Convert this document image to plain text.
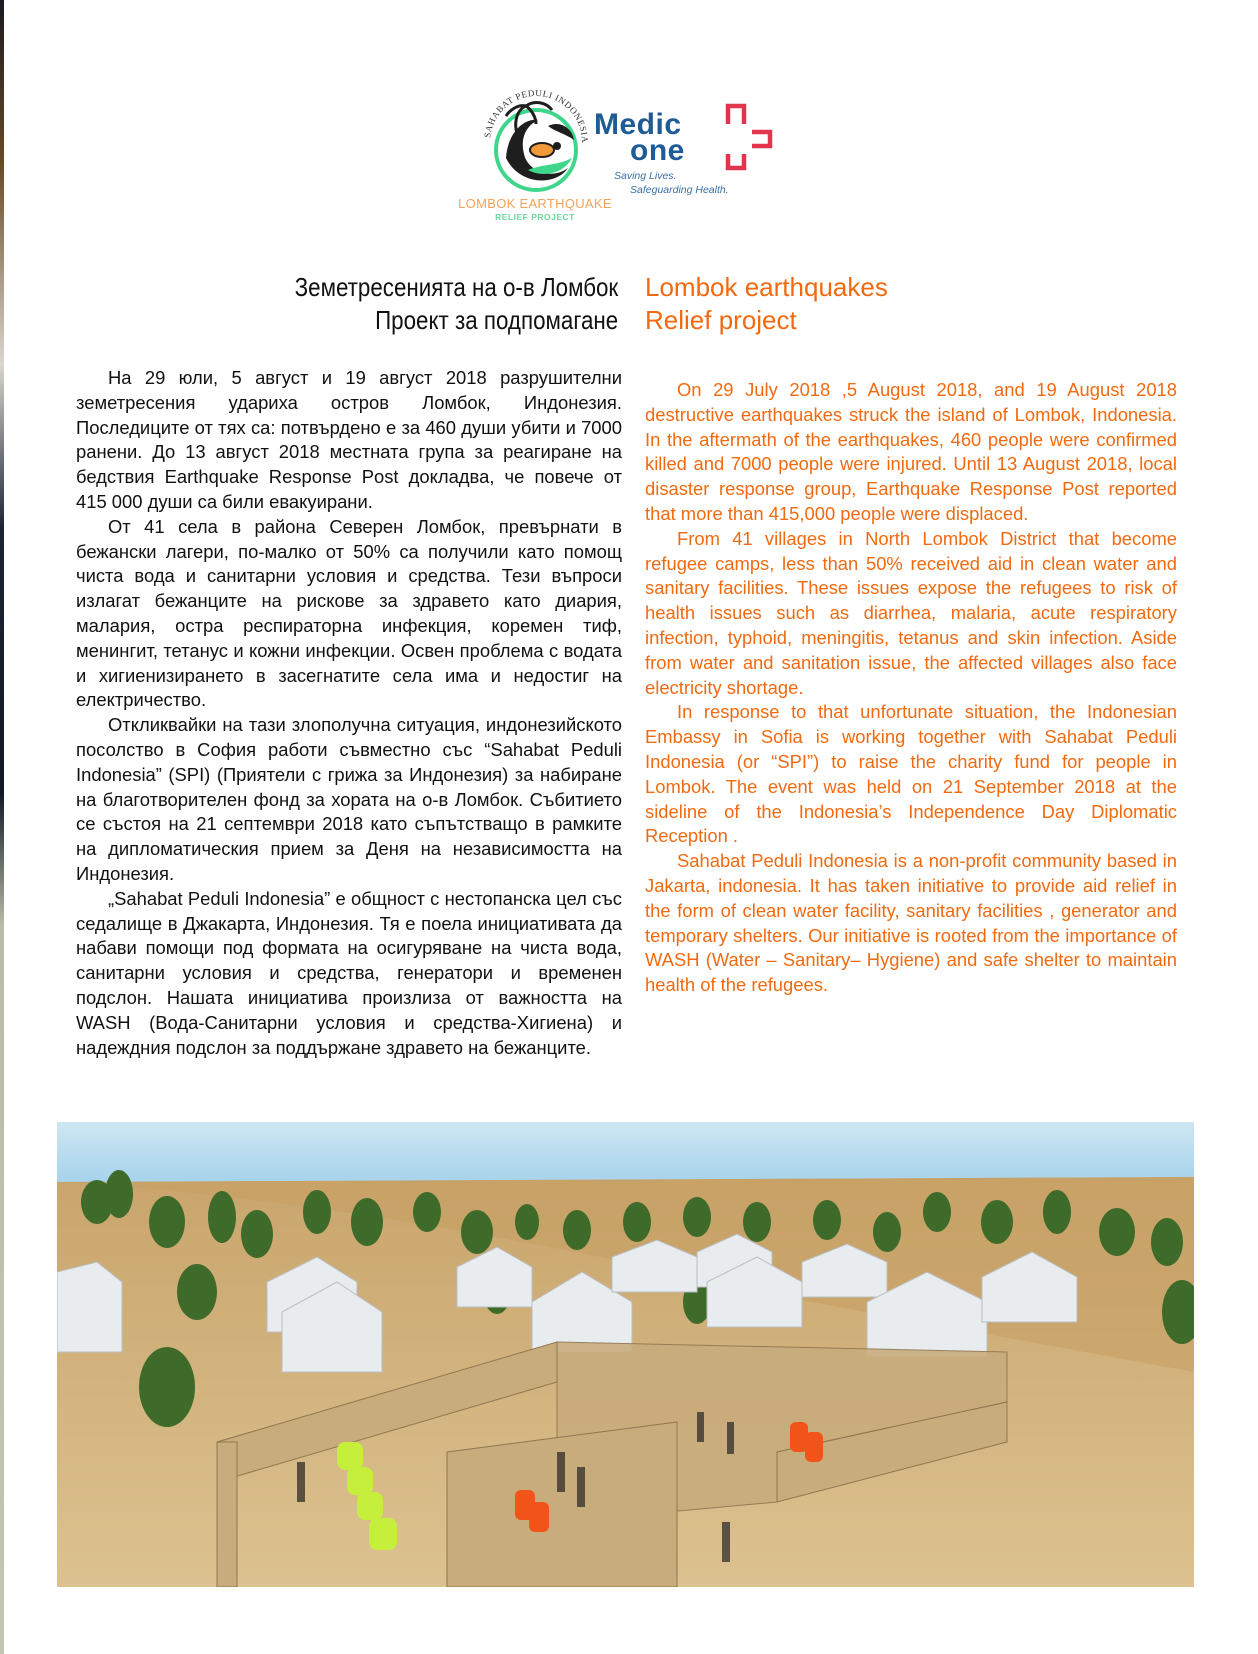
SAHABAT PEDULI INDONESIA
LOMBOK EARTHQUAKE
RELIEF PROJECT
Medic
one
Saving Lives.
Safeguarding Health.
Земетресенията на о-в Ломбок
Проект за подпомагане
Lombok earthquakes
Relief project

На 29 юли, 5 август и 19 август 2018 разрушителни земетресения удариха остров Ломбок, Индонезия. Последиците от тях са: потвърдено е за 460 души убити и 7000 ранени. До 13 август 2018 местната група за реагиране на бедствия Earthquake Response Post докладва, че повече от 415 000 души са били евакуирани.

От 41 села в района Северен Ломбок, превърнати в бежански лагери, по-малко от 50% са получили като помощ чиста вода и санитарни условия и средства. Тези въпроси излагат бежанците на рискове за здравето като диария, малария, остра респираторна инфекция, коремен тиф, менингит, тетанус и кожни инфекции. Освен проблема с водата и хигиенизирането в засегнатите села има и недостиг на електричество.

Откликвайки на тази злополучна ситуация, индонезийското посолство в София работи съвместно със “Sahabat Peduli Indonesia” (SPI) (Приятели с грижа за Индонезия) за набиране на благотворителен фонд за хората на о-в Ломбок. Събитието се състоя на 21 септември 2018 като съпътстващо в рамките на дипломатическия прием за Деня на независимостта на Индонезия.

„Sahabat Peduli Indonesia” е общност с нестопанска цел със седалище в Джакарта, Индонезия. Тя е поела инициативата да набави помощи под формата на осигуряване на чиста вода, санитарни условия и средства, генератори и временен подслон. Нашата инициатива произлиза от важността на WASH (Вода-Санитарни условия и средства-Хигиена) и надеждния подслон за поддържане здравето на бежанците.

On 29 July 2018 ,5 August 2018, and 19 August 2018 destructive earthquakes struck the island of Lombok, Indonesia. In the aftermath of the earthquakes, 460 people were confirmed killed and 7000 people were injured. Until 13 August 2018, local disaster response group, Earthquake Response Post reported that more than 415,000 people were displaced.

From 41 villages in North Lombok District that become refugee camps, less than 50% received aid in clean water and sanitary facilities. These issues expose the refugees to risk of health issues such as diarrhea, malaria, acute respiratory infection, typhoid, meningitis, tetanus and skin infection. Aside from water and sanitation issue, the affected villages also face electricity shortage.

In response to that unfortunate situation, the Indonesian Embassy in Sofia is working together with Sahabat Peduli Indonesia (or “SPI”) to raise the charity fund for people in Lombok. The event was held on 21 September 2018 at the sideline of the Indonesia’s Independence Day Diplomatic Reception .

Sahabat Peduli Indonesia is a non-profit community based in Jakarta, indonesia. It has taken initiative to provide aid relief in the form of clean water facility, sanitary facilities , generator and temporary shelters. Our initiative is rooted from the importance of WASH (Water – Sanitary– Hygiene) and safe shelter to maintain health of the refugees.
